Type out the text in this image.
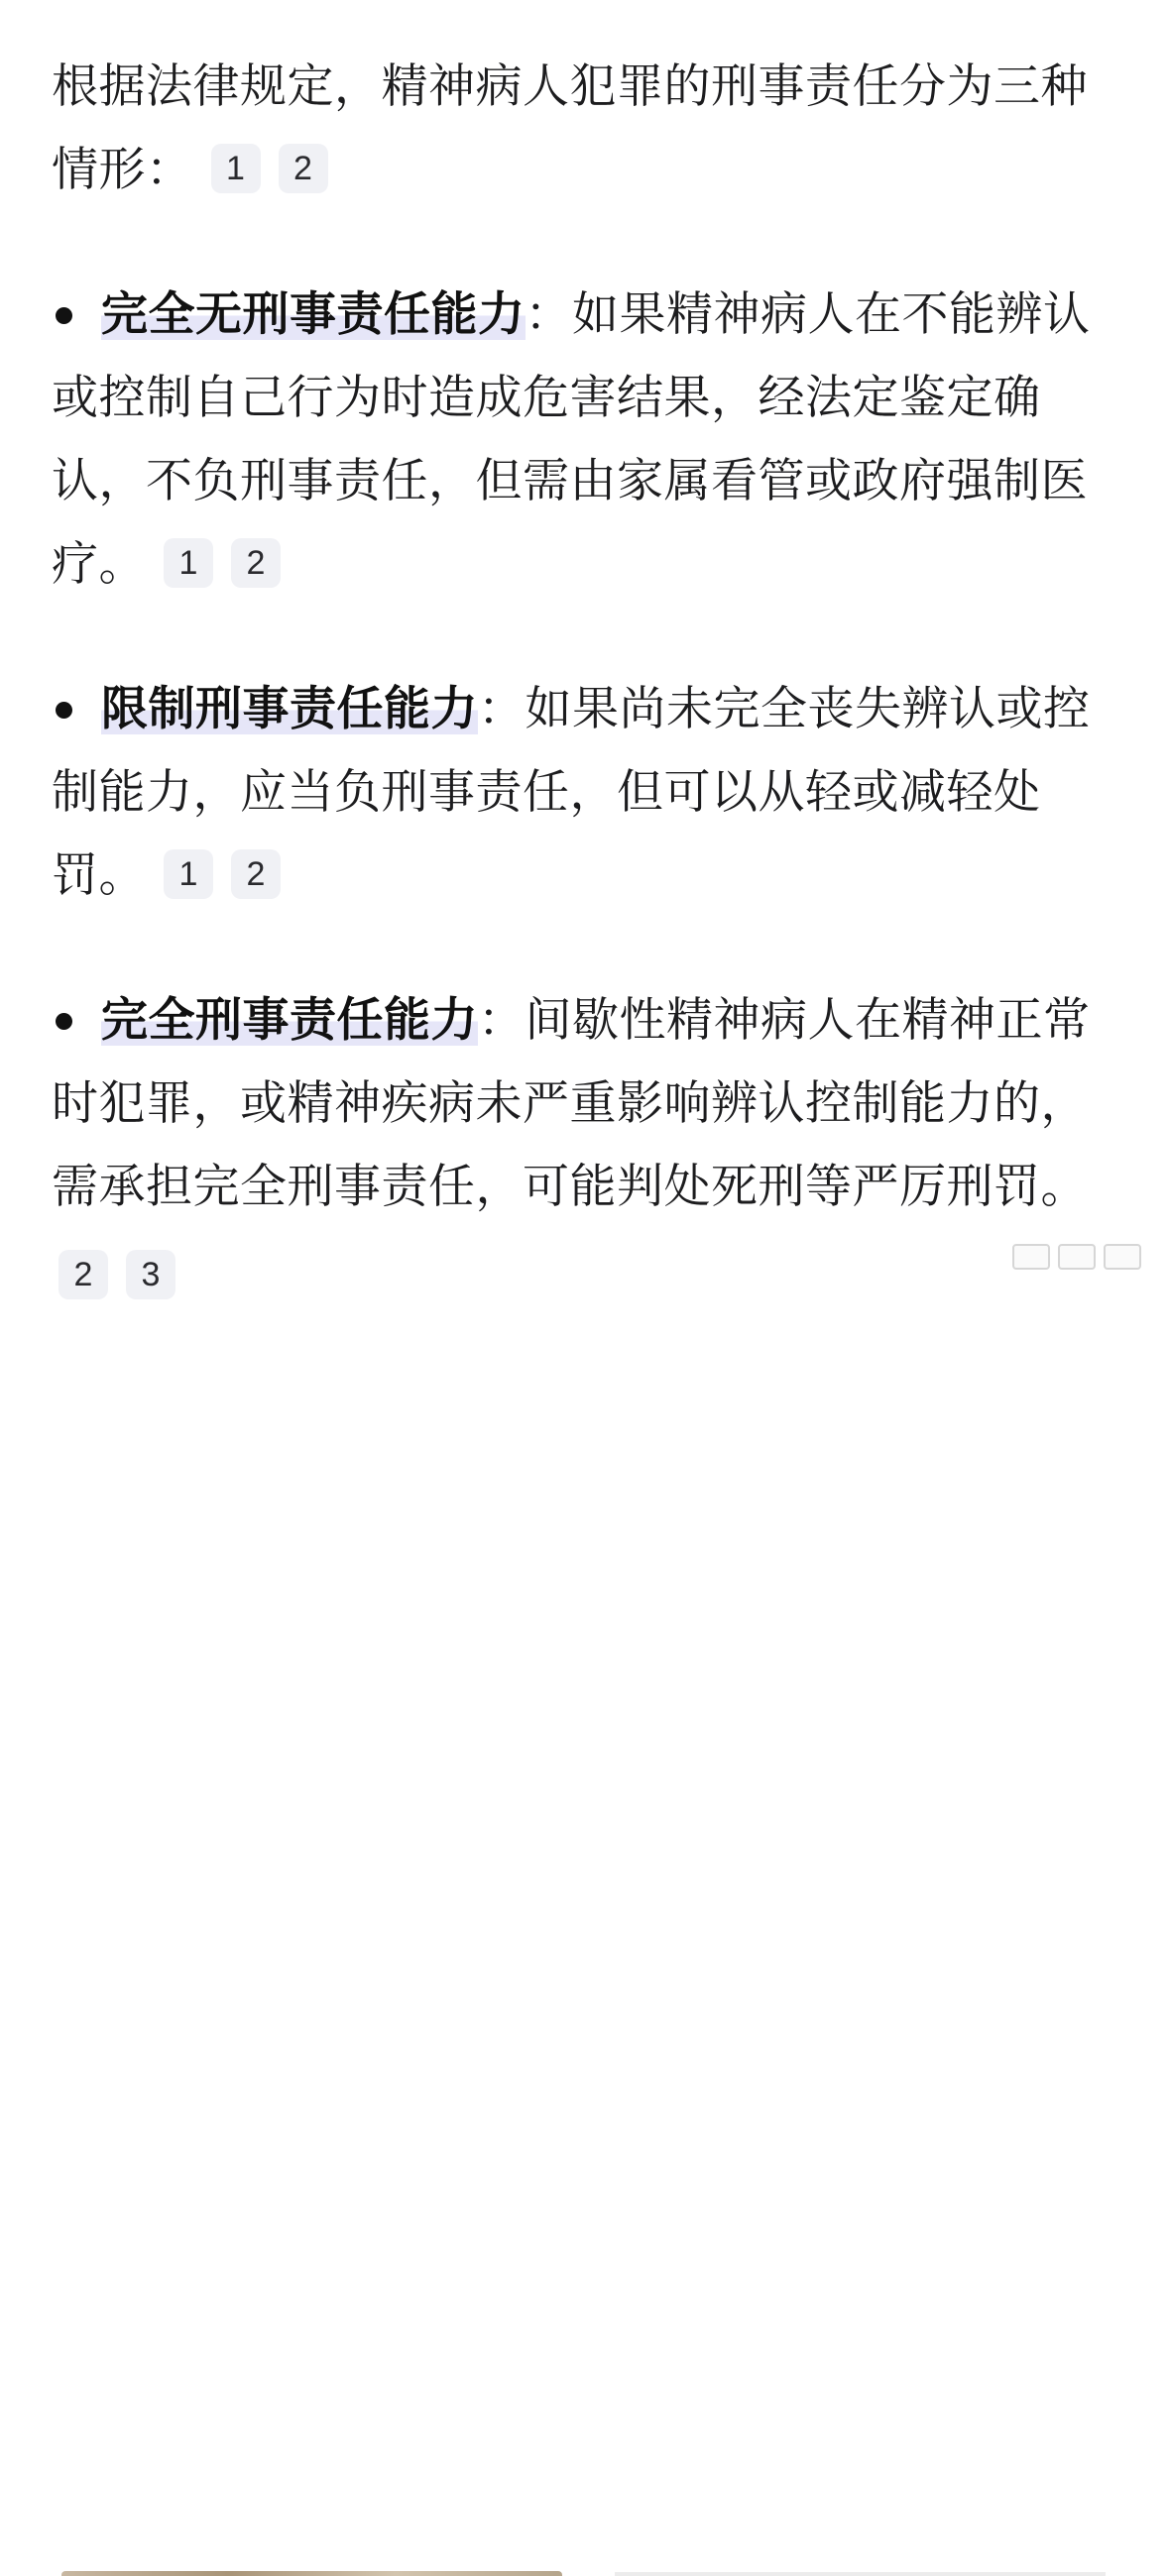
根据法律规定，精神病人犯罪的刑事责任分为三种情形： 1 2

完全无刑事责任能力：如果精神病人在不能辨认或控制自己行为时造成危害结果，经法定鉴定确认，不负刑事责任，但需由家属看管或政府强制医疗。 1 2
限制刑事责任能力：如果尚未完全丧失辨认或控制能力，应当负刑事责任，但可以从轻或减轻处罚。 1 2
完全刑事责任能力：间歇性精神病人在精神正常时犯罪，或精神疾病未严重影响辨认控制能力的，需承担完全刑事责任，可能判处死刑等严厉刑罚。
2 3
